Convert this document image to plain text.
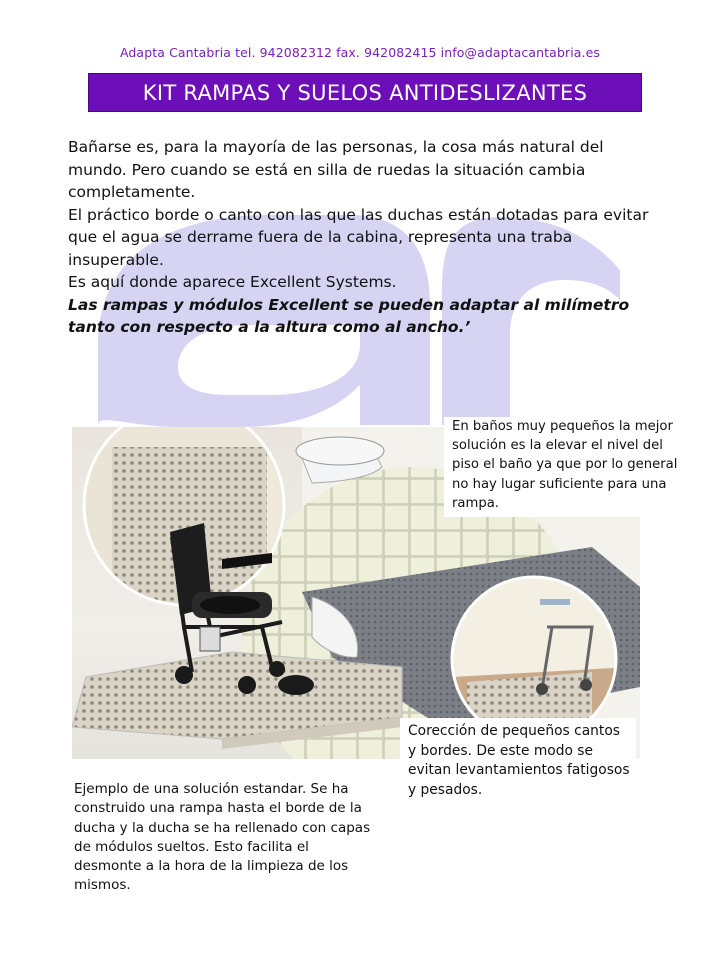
Adapta Cantabria tel. 942082312 fax. 942082415 info@adaptacantabria.es
KIT RAMPAS Y SUELOS ANTIDESLIZANTES

Bañarse es, para la mayoría de las personas, la cosa más natural del mundo. Pero cuando se está en silla de ruedas la situación cambia completamente.

El práctico borde o canto con las que las duchas están dotadas para evitar que el agua se derrame fuera de la cabina, representa una traba insuperable.

Es aquí donde aparece Excellent Systems.

Las rampas y módulos Excellent se pueden adaptar al milímetro tanto con respecto a la altura como al ancho.’

En baños muy pequeños la mejor solución es la elevar el nivel del piso el baño ya que por lo general no hay lugar suficiente para una rampa.
Corección de pequeños cantos y bordes. De este modo se evitan levantamientos fatigosos y pesados.
Ejemplo de una solución estandar. Se ha construido una rampa hasta el borde de la ducha y la ducha se ha rellenado con capas de módulos sueltos. Esto facilita el desmonte a la hora de la limpieza de los mismos.
